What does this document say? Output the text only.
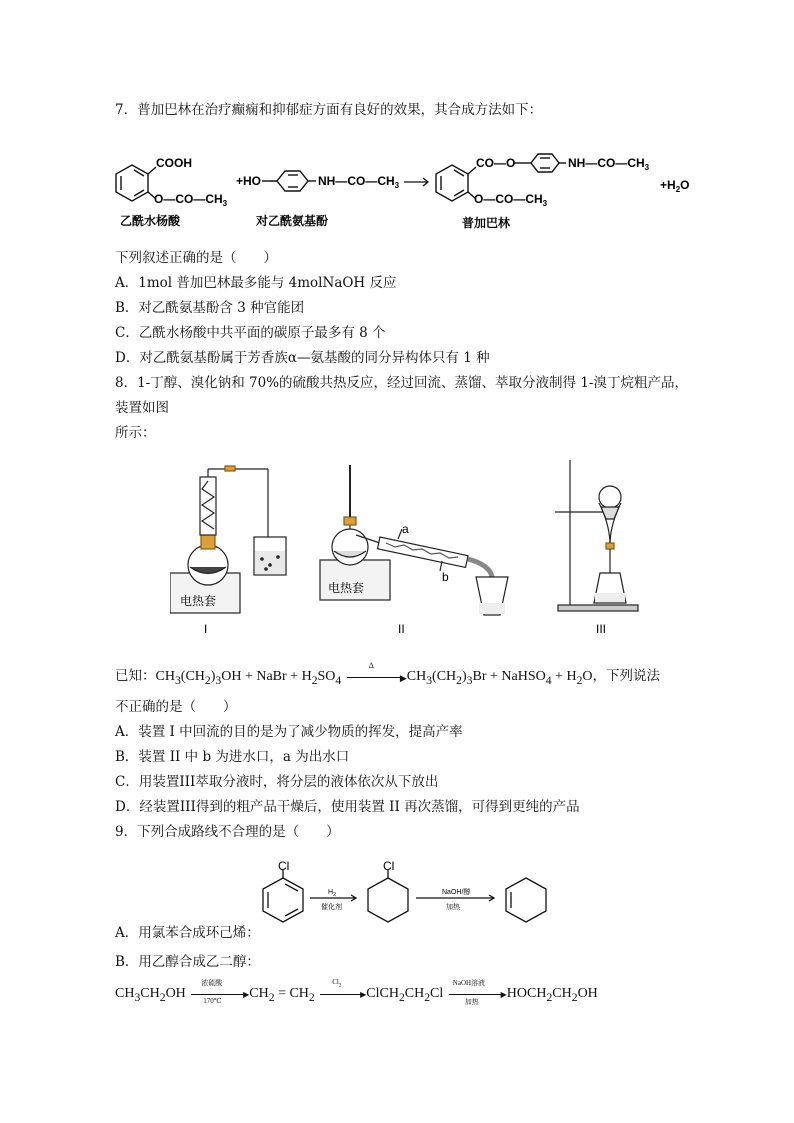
7．普加巴林在治疗癫痫和抑郁症方面有良好的效果，其合成方法如下：
COOH
$O—CO—CH_3$
乙酰水杨酸
+HO	$NH—CO—CH_3$
对乙酰氨基酚
CO—O	$NH—CO—CH_3$
$O—CO—CH_3$
普加巴林
$+H_2O$
下列叙述正确的是（　　）
A．1mol 普加巴林最多能与 4molNaOH 反应
B．对乙酰氨基酚含 3 种官能团
C．乙酰水杨酸中共平面的碳原子最多有 8 个
D．对乙酰氨基酚属于芳香族α—氨基酸的同分异构体只有 1 种
8．1-丁醇、溴化钠和 70%的硫酸共热反应，经过回流、蒸馏、萃取分液制得 1-溴丁烷粗产品，
装置如图
所示：
电热套
I
a
b
电热套
II	III
已知：$CH_3(CH_2)_3OH$ + NaBr + $H_2SO_4$
Δ
▶ $CH_3(CH_2)_3Br$ + NaHSO$_4$ + $H_2O$，下列说法
不正确的是（　　）
A．装置 I 中回流的目的是为了减少物质的挥发，提高产率
B．装置 II 中 b 为进水口，a 为出水口
C．用装置III萃取分液时，将分层的液体依次从下放出
D．经装置III得到的粗产品干燥后，使用装置 II 再次蒸馏，可得到更纯的产品
9．下列合成路线不合理的是（　　）
Cl	Cl
$H_2$
催化剂
NaOH/醇
加热
A．用氯苯合成环己烯：
B．用乙醇合成乙二醇：
$CH_3CH_2OH$
浓硫酸
▶
170℃ $CH_2 = CH_2$
$Cl_2$
▶ $ClCH_2CH_2Cl$
NaOH溶液
▶
加热
$HOCH_2CH_2OH$
